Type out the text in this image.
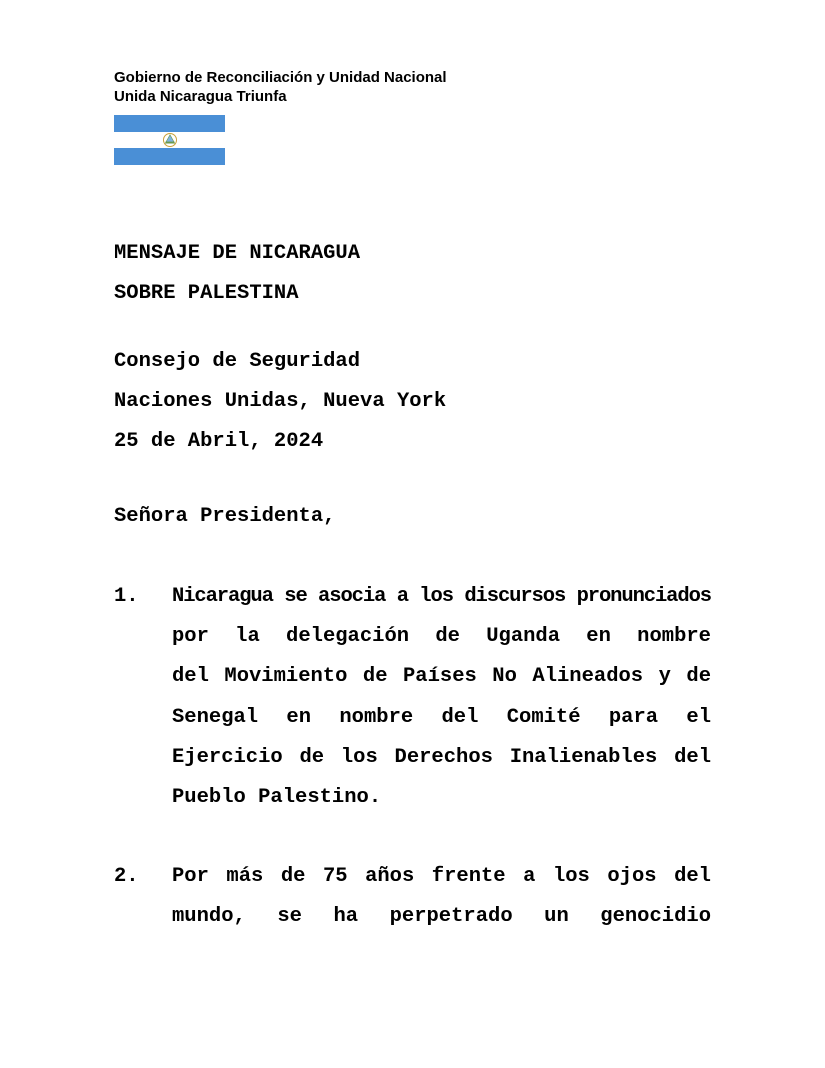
Gobierno de Reconciliación y Unidad Nacional
Unida Nicaragua Triunfa
MENSAJE DE NICARAGUA
SOBRE PALESTINA
Consejo de Seguridad
Naciones Unidas, Nueva York
25 de Abril, 2024
Señora Presidenta,
1. Nicaragua se asocia a los discursos pronunciados
por la delegación de Uganda en nombre
del Movimiento de Países No Alineados y de
Senegal en nombre del Comité para el
Ejercicio de los Derechos Inalienables del
Pueblo Palestino.
2. Por más de 75 años frente a los ojos del
mundo, se ha perpetrado un genocidio
